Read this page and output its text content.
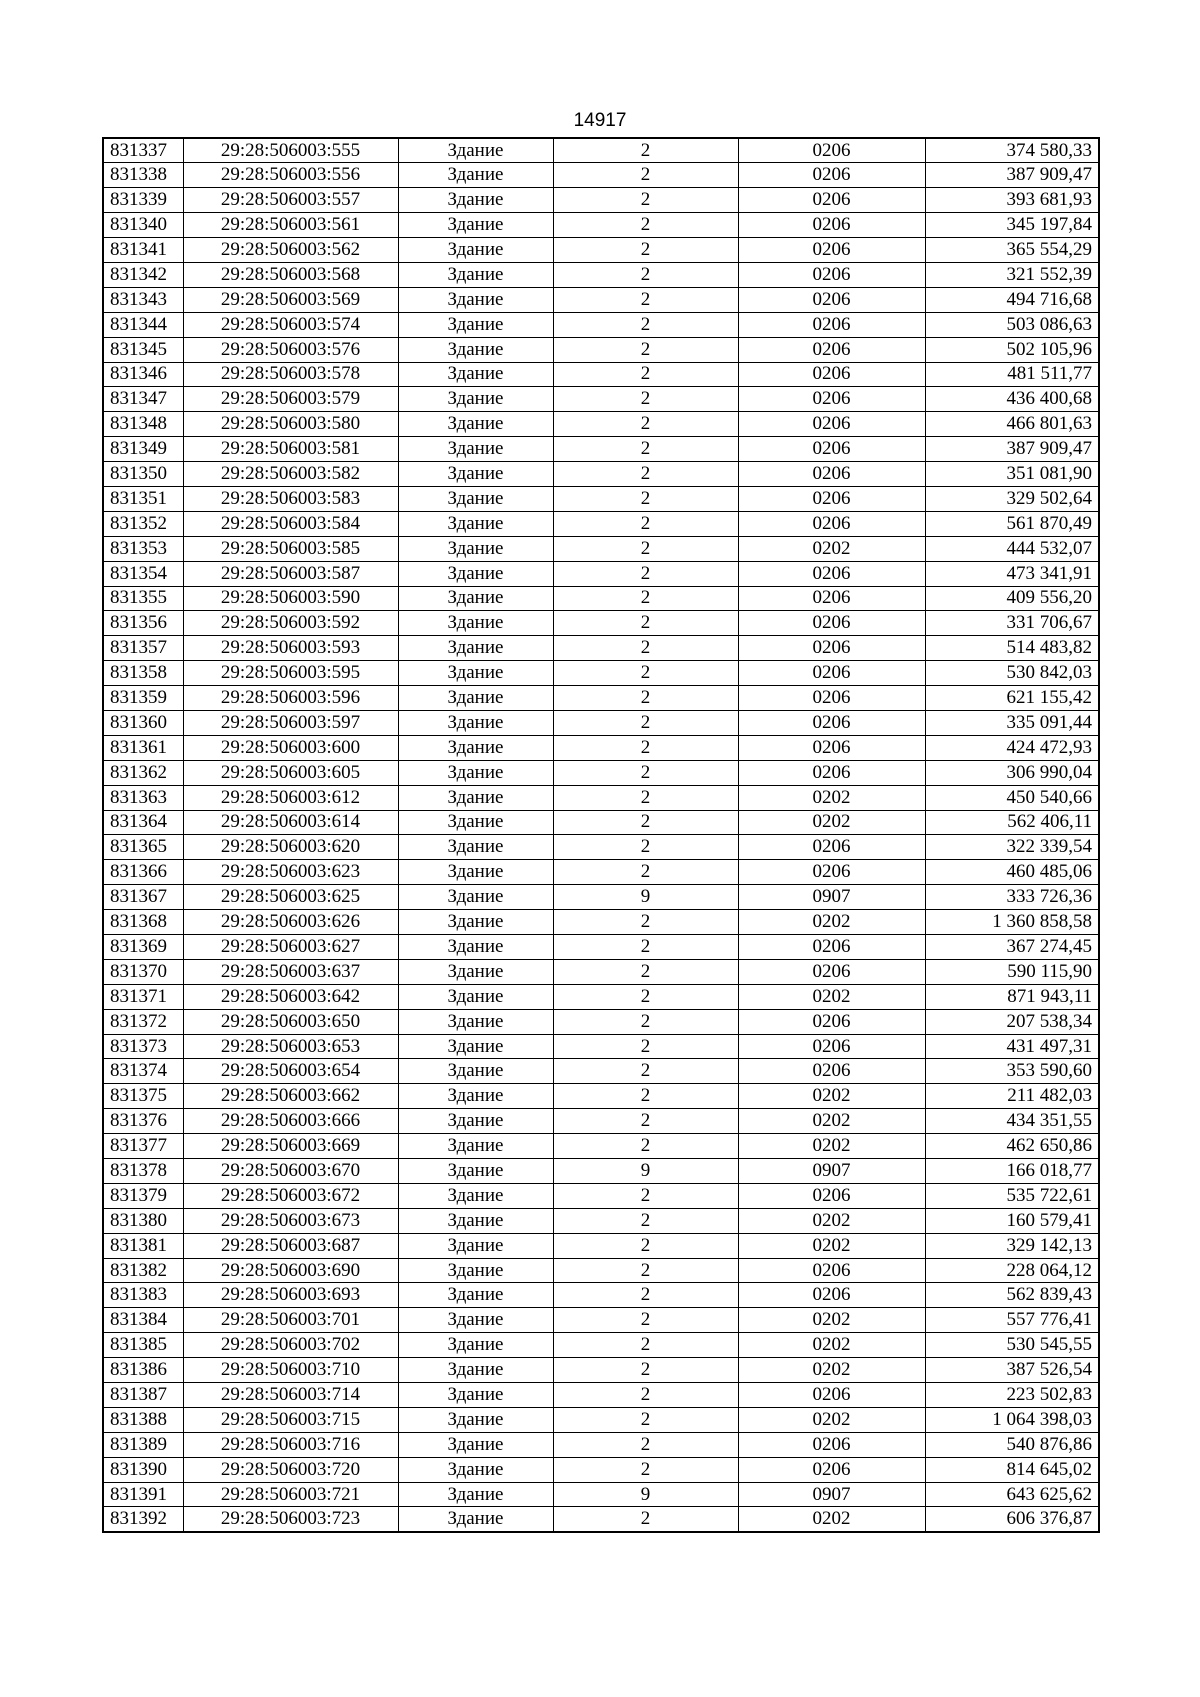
14917
831337	29:28:506003:555	Здание	2	0206	374 580,33
831338	29:28:506003:556	Здание	2	0206	387 909,47
831339	29:28:506003:557	Здание	2	0206	393 681,93
831340	29:28:506003:561	Здание	2	0206	345 197,84
831341	29:28:506003:562	Здание	2	0206	365 554,29
831342	29:28:506003:568	Здание	2	0206	321 552,39
831343	29:28:506003:569	Здание	2	0206	494 716,68
831344	29:28:506003:574	Здание	2	0206	503 086,63
831345	29:28:506003:576	Здание	2	0206	502 105,96
831346	29:28:506003:578	Здание	2	0206	481 511,77
831347	29:28:506003:579	Здание	2	0206	436 400,68
831348	29:28:506003:580	Здание	2	0206	466 801,63
831349	29:28:506003:581	Здание	2	0206	387 909,47
831350	29:28:506003:582	Здание	2	0206	351 081,90
831351	29:28:506003:583	Здание	2	0206	329 502,64
831352	29:28:506003:584	Здание	2	0206	561 870,49
831353	29:28:506003:585	Здание	2	0202	444 532,07
831354	29:28:506003:587	Здание	2	0206	473 341,91
831355	29:28:506003:590	Здание	2	0206	409 556,20
831356	29:28:506003:592	Здание	2	0206	331 706,67
831357	29:28:506003:593	Здание	2	0206	514 483,82
831358	29:28:506003:595	Здание	2	0206	530 842,03
831359	29:28:506003:596	Здание	2	0206	621 155,42
831360	29:28:506003:597	Здание	2	0206	335 091,44
831361	29:28:506003:600	Здание	2	0206	424 472,93
831362	29:28:506003:605	Здание	2	0206	306 990,04
831363	29:28:506003:612	Здание	2	0202	450 540,66
831364	29:28:506003:614	Здание	2	0202	562 406,11
831365	29:28:506003:620	Здание	2	0206	322 339,54
831366	29:28:506003:623	Здание	2	0206	460 485,06
831367	29:28:506003:625	Здание	9	0907	333 726,36
831368	29:28:506003:626	Здание	2	0202	1 360 858,58
831369	29:28:506003:627	Здание	2	0206	367 274,45
831370	29:28:506003:637	Здание	2	0206	590 115,90
831371	29:28:506003:642	Здание	2	0202	871 943,11
831372	29:28:506003:650	Здание	2	0206	207 538,34
831373	29:28:506003:653	Здание	2	0206	431 497,31
831374	29:28:506003:654	Здание	2	0206	353 590,60
831375	29:28:506003:662	Здание	2	0202	211 482,03
831376	29:28:506003:666	Здание	2	0202	434 351,55
831377	29:28:506003:669	Здание	2	0202	462 650,86
831378	29:28:506003:670	Здание	9	0907	166 018,77
831379	29:28:506003:672	Здание	2	0206	535 722,61
831380	29:28:506003:673	Здание	2	0202	160 579,41
831381	29:28:506003:687	Здание	2	0202	329 142,13
831382	29:28:506003:690	Здание	2	0206	228 064,12
831383	29:28:506003:693	Здание	2	0206	562 839,43
831384	29:28:506003:701	Здание	2	0202	557 776,41
831385	29:28:506003:702	Здание	2	0202	530 545,55
831386	29:28:506003:710	Здание	2	0202	387 526,54
831387	29:28:506003:714	Здание	2	0206	223 502,83
831388	29:28:506003:715	Здание	2	0202	1 064 398,03
831389	29:28:506003:716	Здание	2	0206	540 876,86
831390	29:28:506003:720	Здание	2	0206	814 645,02
831391	29:28:506003:721	Здание	9	0907	643 625,62
831392	29:28:506003:723	Здание	2	0202	606 376,87
